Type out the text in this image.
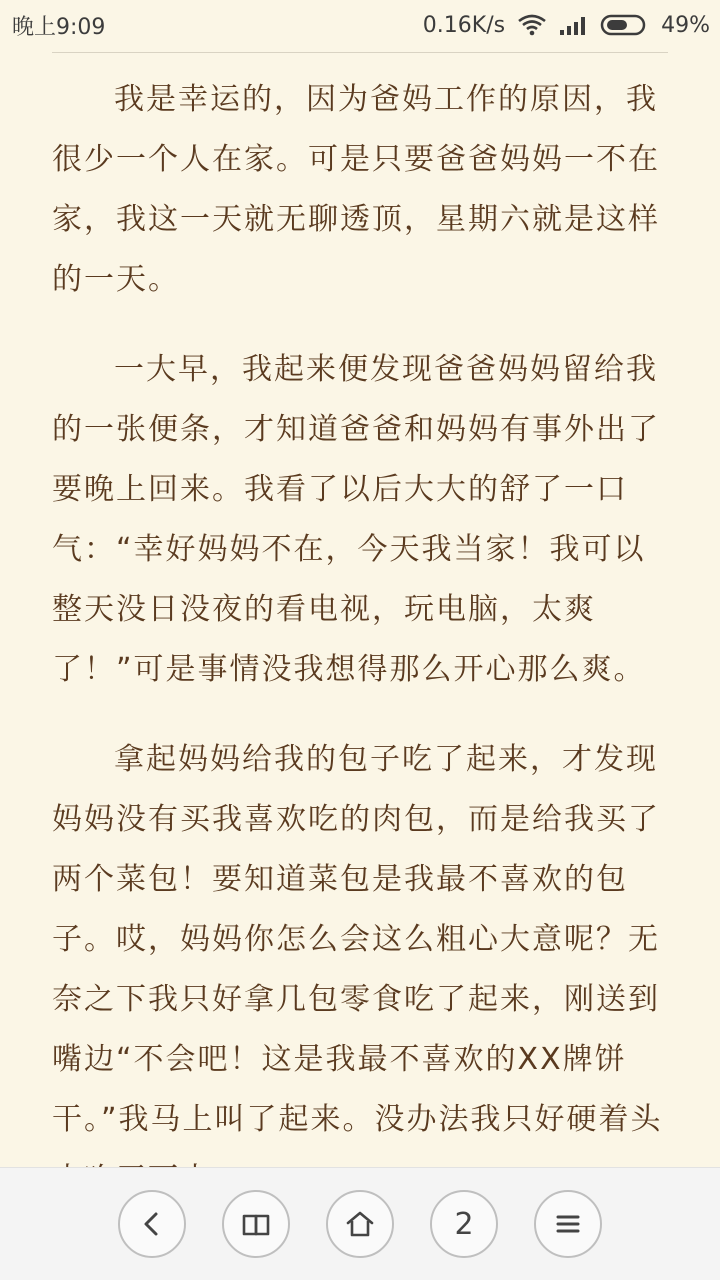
晚上9:09	0.16K/s	49%

我是幸运的，因为爸妈工作的原因，我很少一个人在家。可是只要爸爸妈妈一不在家，我这一天就无聊透顶，星期六就是这样的一天。

一大早，我起来便发现爸爸妈妈留给我的一张便条，才知道爸爸和妈妈有事外出了要晚上回来。我看了以后大大的舒了一口气：“幸好妈妈不在，今天我当家！我可以整天没日没夜的看电视，玩电脑，太爽了！”可是事情没我想得那么开心那么爽。

拿起妈妈给我的包子吃了起来，才发现妈妈没有买我喜欢吃的肉包，而是给我买了两个菜包！要知道菜包是我最不喜欢的包子。哎，妈妈你怎么会这么粗心大意呢？无奈之下我只好拿几包零食吃了起来，刚送到嘴边“不会吧！这是我最不喜欢的XX牌饼干。”我马上叫了起来。没办法我只好硬着头

2
